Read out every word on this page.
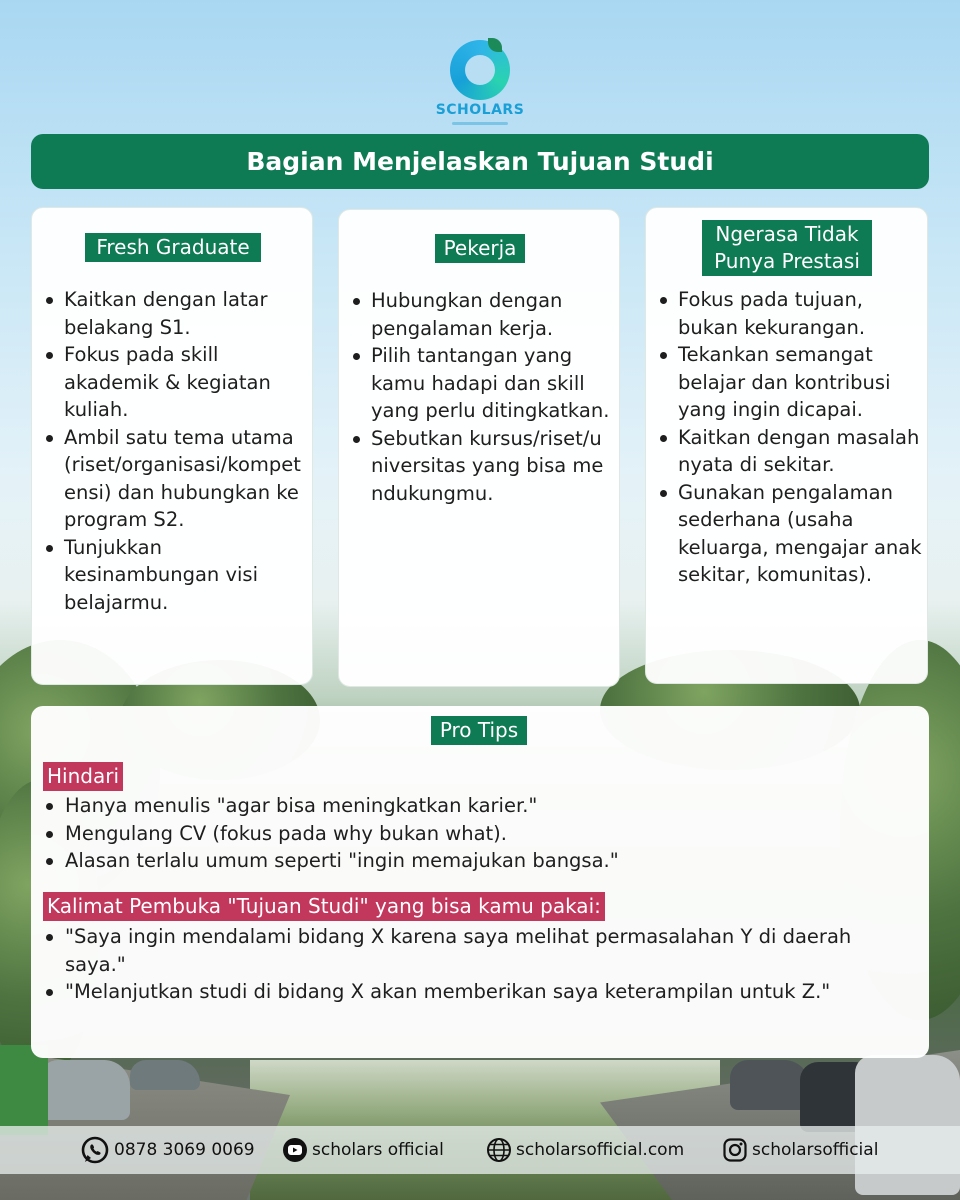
SCHOLARS
Bagian Menjelaskan Tujuan Studi
Fresh Graduate
Kaitkan dengan latar belakang S1.
Fokus pada skill akademik & kegiatan kuliah.
Ambil satu tema utama (riset/organisasi/kompetensi) dan hubungkan ke program S2.
Tunjukkan kesinambungan visi belajarmu.
Pekerja
Hubungkan dengan pengalaman kerja.
Pilih tantangan yang kamu hadapi dan skill yang perlu ditingkatkan.
Sebutkan kursus/riset/universitas yang bisa mendukungmu.
Ngerasa Tidak
Punya Prestasi
Fokus pada tujuan, bukan kekurangan.
Tekankan semangat belajar dan kontribusi yang ingin dicapai.
Kaitkan dengan masalah nyata di sekitar.
Gunakan pengalaman sederhana (usaha keluarga, mengajar anak sekitar, komunitas).
Pro Tips
Hindari
Hanya menulis "agar bisa meningkatkan karier."
Mengulang CV (fokus pada why bukan what).
Alasan terlalu umum seperti "ingin memajukan bangsa."
Kalimat Pembuka "Tujuan Studi" yang bisa kamu pakai:
"Saya ingin mendalami bidang X karena saya melihat permasalahan Y di daerah saya."
"Melanjutkan studi di bidang X akan memberikan saya keterampilan untuk Z."
0878 3069 0069	scholars official	scholarsofficial.com	scholarsofficial
